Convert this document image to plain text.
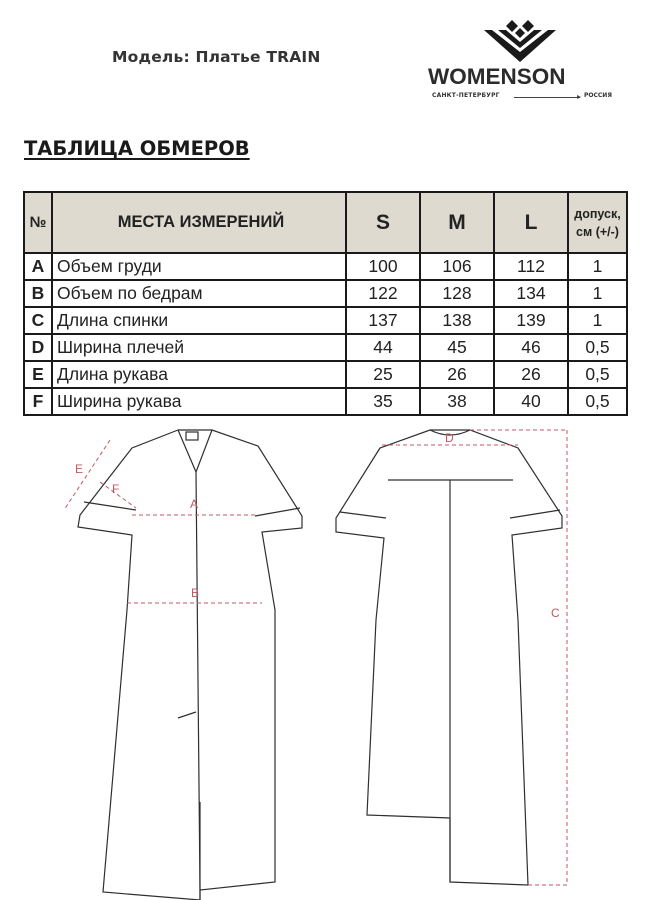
Модель: Платье TRAIN
WOMENSON
САНКТ-ПЕТЕРБУРГ	РОССИЯ
ТАБЛИЦА ОБМЕРОВ
№	МЕСТА ИЗМЕРЕНИЙ	S	M	L	допуск,
см (+/-)
A	Объем груди	100	106	112	1
B	Объем по бедрам	122	128	134	1
C	Длина спинки	137	138	139	1
D	Ширина плечей	44	45	46	0,5
E	Длина рукава	25	26	26	0,5
F	Ширина рукава	35	38	40	0,5
A
B
E
F
D
C
